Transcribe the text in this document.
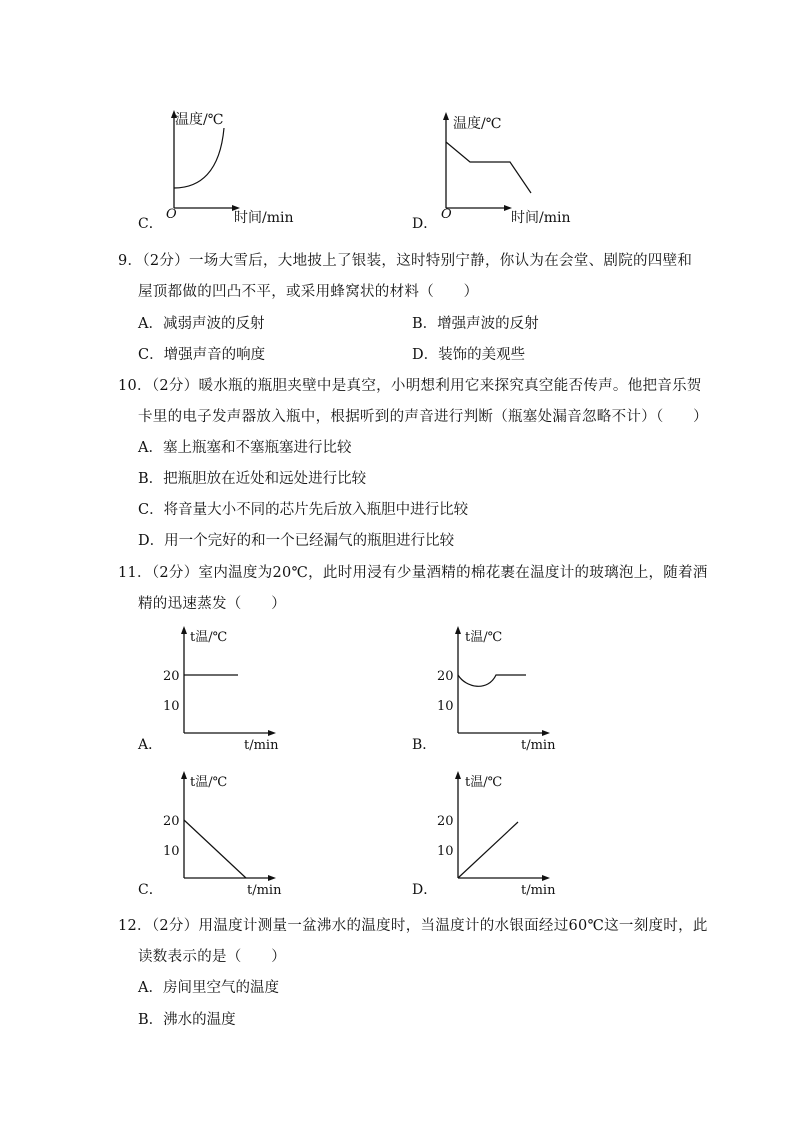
温度/℃
O	时间/min
C．
温度/℃
O	时间/min
D．
t温/℃
20
10
t/min
A．
t温/℃
20
10
t/min
B．
t温/℃
20
10
t/min
C．
t温/℃
20
10
t/min
D．
9．（2分）一场大雪后，大地披上了银装，这时特别宁静，你认为在会堂、剧院的四壁和
屋顶都做的凹凸不平，或采用蜂窝状的材料（　　）
A．减弱声波的反射	B．增强声波的反射
C．增强声音的响度	D．装饰的美观些
10．（2分）暖水瓶的瓶胆夹壁中是真空，小明想利用它来探究真空能否传声。他把音乐贺
卡里的电子发声器放入瓶中，根据听到的声音进行判断（瓶塞处漏音忽略不计）（　　）
A．塞上瓶塞和不塞瓶塞进行比较
B．把瓶胆放在近处和远处进行比较
C．将音量大小不同的芯片先后放入瓶胆中进行比较
D．用一个完好的和一个已经漏气的瓶胆进行比较
11．（2分）室内温度为20℃，此时用浸有少量酒精的棉花裹在温度计的玻璃泡上，随着酒
精的迅速蒸发（　　）
12．（2分）用温度计测量一盆沸水的温度时，当温度计的水银面经过60℃这一刻度时，此
读数表示的是（　　）
A．房间里空气的温度
B．沸水的温度
